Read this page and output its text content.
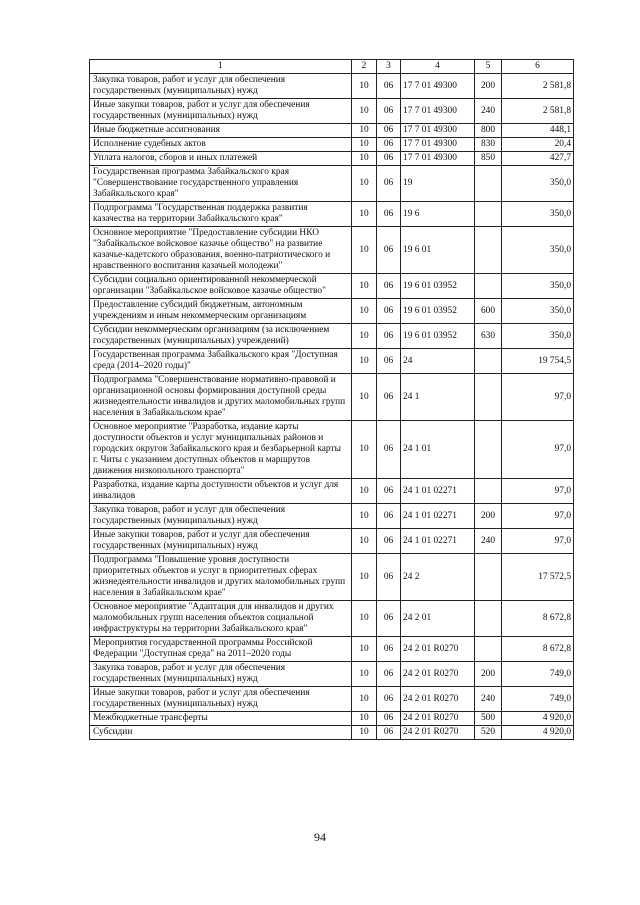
1	2	3	4	5	6
Закупка товаров, работ и услуг для обеспечения государственных (муниципальных) нужд	10	06	17 7 01 49300	200	2 581,8
Иные закупки товаров, работ и услуг для обеспечения государственных (муниципальных) нужд	10	06	17 7 01 49300	240	2 581,8
Иные бюджетные ассигнования	10	06	17 7 01 49300	800	448,1
Исполнение судебных актов	10	06	17 7 01 49300	830	20,4
Уплата налогов, сборов и иных платежей	10	06	17 7 01 49300	850	427,7
Государственная программа Забайкальского края "Совершенствование государственного управления Забайкальского края"	10	06	19		350,0
Подпрограмма "Государственная поддержка развития казачества на территории Забайкальского края"	10	06	19 6		350,0
Основное мероприятие "Предоставление субсидии НКО "Забайкальское войсковое казачье общество" на развитие казачье-кадетского образования, военно-патриотического и нравственного воспитания казачьей молодежи"	10	06	19 6 01		350,0
Субсидии социально ориентированной некоммерческой организации "Забайкальское войсковое казачье общество"	10	06	19 6 01 03952		350,0
Предоставление субсидий бюджетным, автономным учреждениям и иным некоммерческим организациям	10	06	19 6 01 03952	600	350,0
Субсидии некоммерческим организациям (за исключением государственных (муниципальных) учреждений)	10	06	19 6 01 03952	630	350,0
Государственная программа Забайкальского края "Доступная среда (2014–2020 годы)"	10	06	24		19 754,5
Подпрограмма "Совершенствование нормативно-правовой и организационной основы формирования доступной среды жизнедеятельности инвалидов и других маломобильных групп населения в Забайкальском крае"	10	06	24 1		97,0
Основное мероприятие "Разработка, издание карты доступности объектов и услуг муниципальных районов и городских округов Забайкальского края и безбарьерной карты г. Читы с указанием доступных объектов и маршрутов движения низкопольного транспорта"	10	06	24 1 01		97,0
Разработка, издание карты доступности объектов и услуг для инвалидов	10	06	24 1 01 02271		97,0
Закупка товаров, работ и услуг для обеспечения государственных (муниципальных) нужд	10	06	24 1 01 02271	200	97,0
Иные закупки товаров, работ и услуг для обеспечения государственных (муниципальных) нужд	10	06	24 1 01 02271	240	97,0
Подпрограмма "Повышение уровня доступности приоритетных объектов и услуг в приоритетных сферах жизнедеятельности инвалидов и других маломобильных групп населения в Забайкальском крае"	10	06	24 2		17 572,5
Основное мероприятие "Адаптация для инвалидов и других маломобильных групп населения объектов социальной инфраструктуры на территории Забайкальского края"	10	06	24 2 01		8 672,8
Мероприятия государственной программы Российской Федерации "Доступная среда" на 2011–2020 годы	10	06	24 2 01 R0270		8 672,8
Закупка товаров, работ и услуг для обеспечения государственных (муниципальных) нужд	10	06	24 2 01 R0270	200	749,0
Иные закупки товаров, работ и услуг для обеспечения государственных (муниципальных) нужд	10	06	24 2 01 R0270	240	749,0
Межбюджетные трансферты	10	06	24 2 01 R0270	500	4 920,0
Субсидии	10	06	24 2 01 R0270	520	4 920,0
94
